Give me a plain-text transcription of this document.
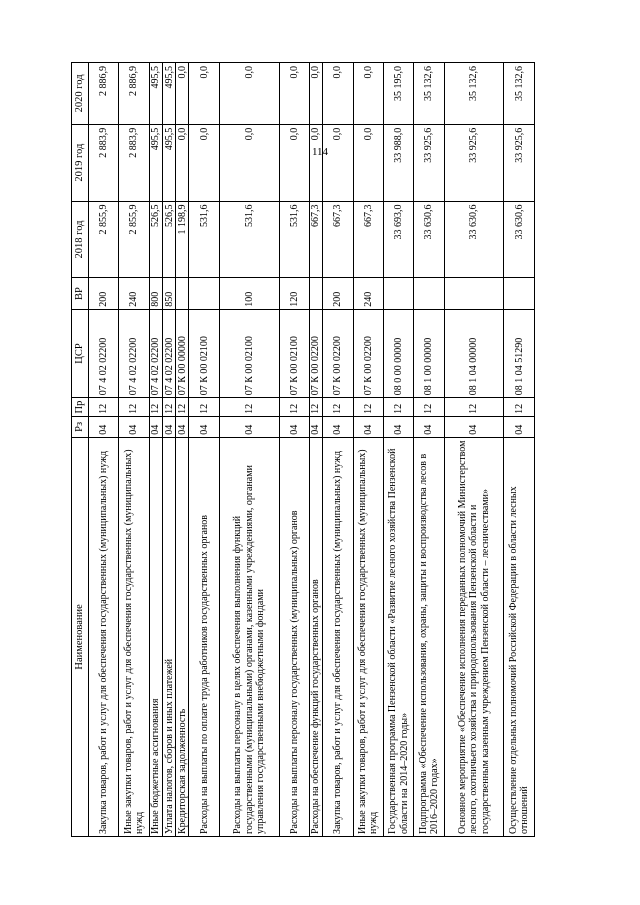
114
Наименование	Рз	Пр	ЦСР	ВР	2018 год	2019 год	2020 год
Закупка товаров, работ и услуг для обеспечения государственных (муниципальных) нужд	04	12	07 4 02 02200	200	2 855,9	2 883,9	2 886,9
Иные закупки товаров, работ и услуг для обеспечения государственных (муниципальных) нужд	04	12	07 4 02 02200	240	2 855,9	2 883,9	2 886,9
Иные бюджетные ассигнования	04	12	07 4 02 02200	800	526,5	495,5	495,5
Уплата налогов, сборов и иных платежей	04	12	07 4 02 02200	850	526,5	495,5	495,5
Кредиторская задолженность	04	12	07 К 00 00000		1 198,9	0,0	0,0
Расходы на выплаты по оплате труда работников государственных органов	04	12	07 К 00 02100		531,6	0,0	0,0
Расходы на выплаты персоналу в целях обеспечения выполнения функций государственными (муниципальными) органами, казенными учреждениями, органами управления государственными внебюджетными фондами	04	12	07 К 00 02100	100	531,6	0,0	0,0
Расходы на выплаты персоналу государственных (муниципальных) органов	04	12	07 К 00 02100	120	531,6	0,0	0,0
Расходы на обеспечение функций государственных органов	04	12	07 К 00 02200		667,3	0,0	0,0
Закупка товаров, работ и услуг для обеспечения государственных (муниципальных) нужд	04	12	07 К 00 02200	200	667,3	0,0	0,0
Иные закупки товаров, работ и услуг для обеспечения государственных (муниципальных) нужд	04	12	07 К 00 02200	240	667,3	0,0	0,0
Государственная программа Пензенской области «Развитие лесного хозяйства Пензенской области на 2014–2020 годы»	04	12	08 0 00 00000		33 693,0	33 988,0	35 195,0
Подпрограмма «Обеспечение использования, охраны, защиты и воспроизводства лесов в 2016–2020 годах»	04	12	08 1 00 00000		33 630,6	33 925,6	35 132,6
Основное мероприятие «Обеспечение исполнения переданных полномочий Министерством лесного, охотничьего хозяйства и природопользования Пензенской области и государственным казенным учреждением Пензенской области – лесничествами»	04	12	08 1 04 00000		33 630,6	33 925,6	35 132,6
Осуществление отдельных полномочий Российской Федерации в области лесных отношений	04	12	08 1 04 51290		33 630,6	33 925,6	35 132,6
